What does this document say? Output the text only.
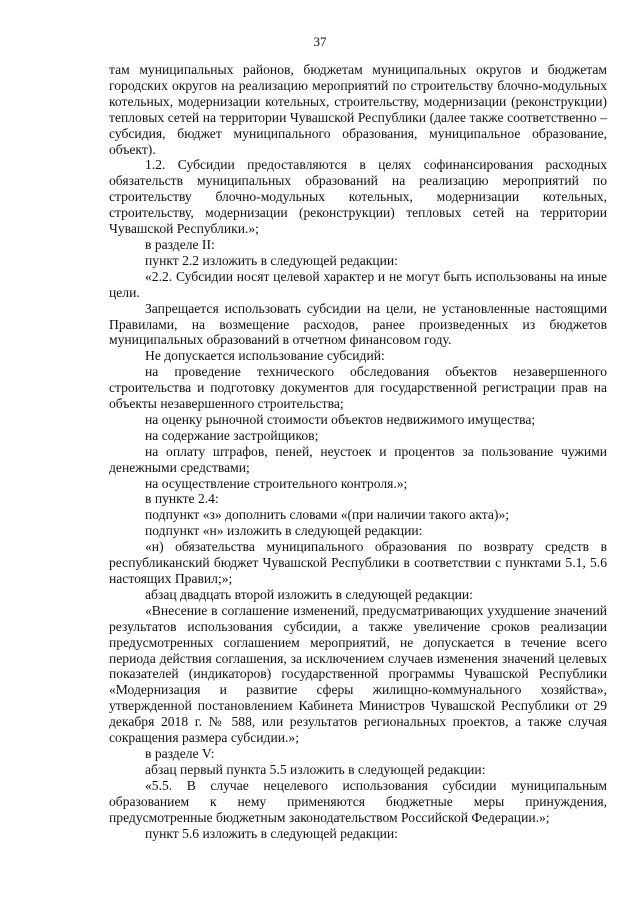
37

там муниципальных районов, бюджетам муниципальных округов и бюджетам городских округов на реализацию мероприятий по строительству блочно-модульных котельных, модернизации котельных, строительству, модернизации (реконструкции) тепловых сетей на территории Чувашской Республики (далее также соответственно – субсидия, бюджет муниципального образования, муниципальное образование, объект).

1.2. Субсидии предоставляются в целях софинансирования расходных обязательств муниципальных образований на реализацию мероприятий по строительству блочно-модульных котельных, модернизации котельных, строительству, модернизации (реконструкции) тепловых сетей на территории Чувашской Республики.»;

в разделе II:

пункт 2.2 изложить в следующей редакции:

«2.2. Субсидии носят целевой характер и не могут быть использованы на иные цели.

Запрещается использовать субсидии на цели, не установленные настоящими Правилами, на возмещение расходов, ранее произведенных из бюджетов муниципальных образований в отчетном финансовом году.

Не допускается использование субсидий:

на проведение технического обследования объектов незавершенного строительства и подготовку документов для государственной регистрации прав на объекты незавершенного строительства;

на оценку рыночной стоимости объектов недвижимого имущества;

на содержание застройщиков;

на оплату штрафов, пеней, неустоек и процентов за пользование чужими денежными средствами;

на осуществление строительного контроля.»;

в пункте 2.4:

подпункт «з» дополнить словами «(при наличии такого акта)»;

подпункт «н» изложить в следующей редакции:

«н) обязательства муниципального образования по возврату средств в республиканский бюджет Чувашской Республики в соответствии с пунктами 5.1, 5.6 настоящих Правил;»;

абзац двадцать второй изложить в следующей редакции:

«Внесение в соглашение изменений, предусматривающих ухудшение значений результатов использования субсидии, а также увеличение сроков реализации предусмотренных соглашением мероприятий, не допускается в течение всего периода действия соглашения, за исключением случаев изменения значений целевых показателей (индикаторов) государственной программы Чувашской Республики «Модернизация и развитие сферы жилищно-коммунального хозяйства», утвержденной постановлением Кабинета Министров Чувашской Республики от 29 декабря 2018 г. № 588, или результатов региональных проектов, а также случая сокращения размера субсидии.»;

в разделе V:

абзац первый пункта 5.5 изложить в следующей редакции:

«5.5. В случае нецелевого использования субсидии муниципальным образованием к нему применяются бюджетные меры принуждения, предусмотренные бюджетным законодательством Российской Федерации.»;

пункт 5.6 изложить в следующей редакции:
